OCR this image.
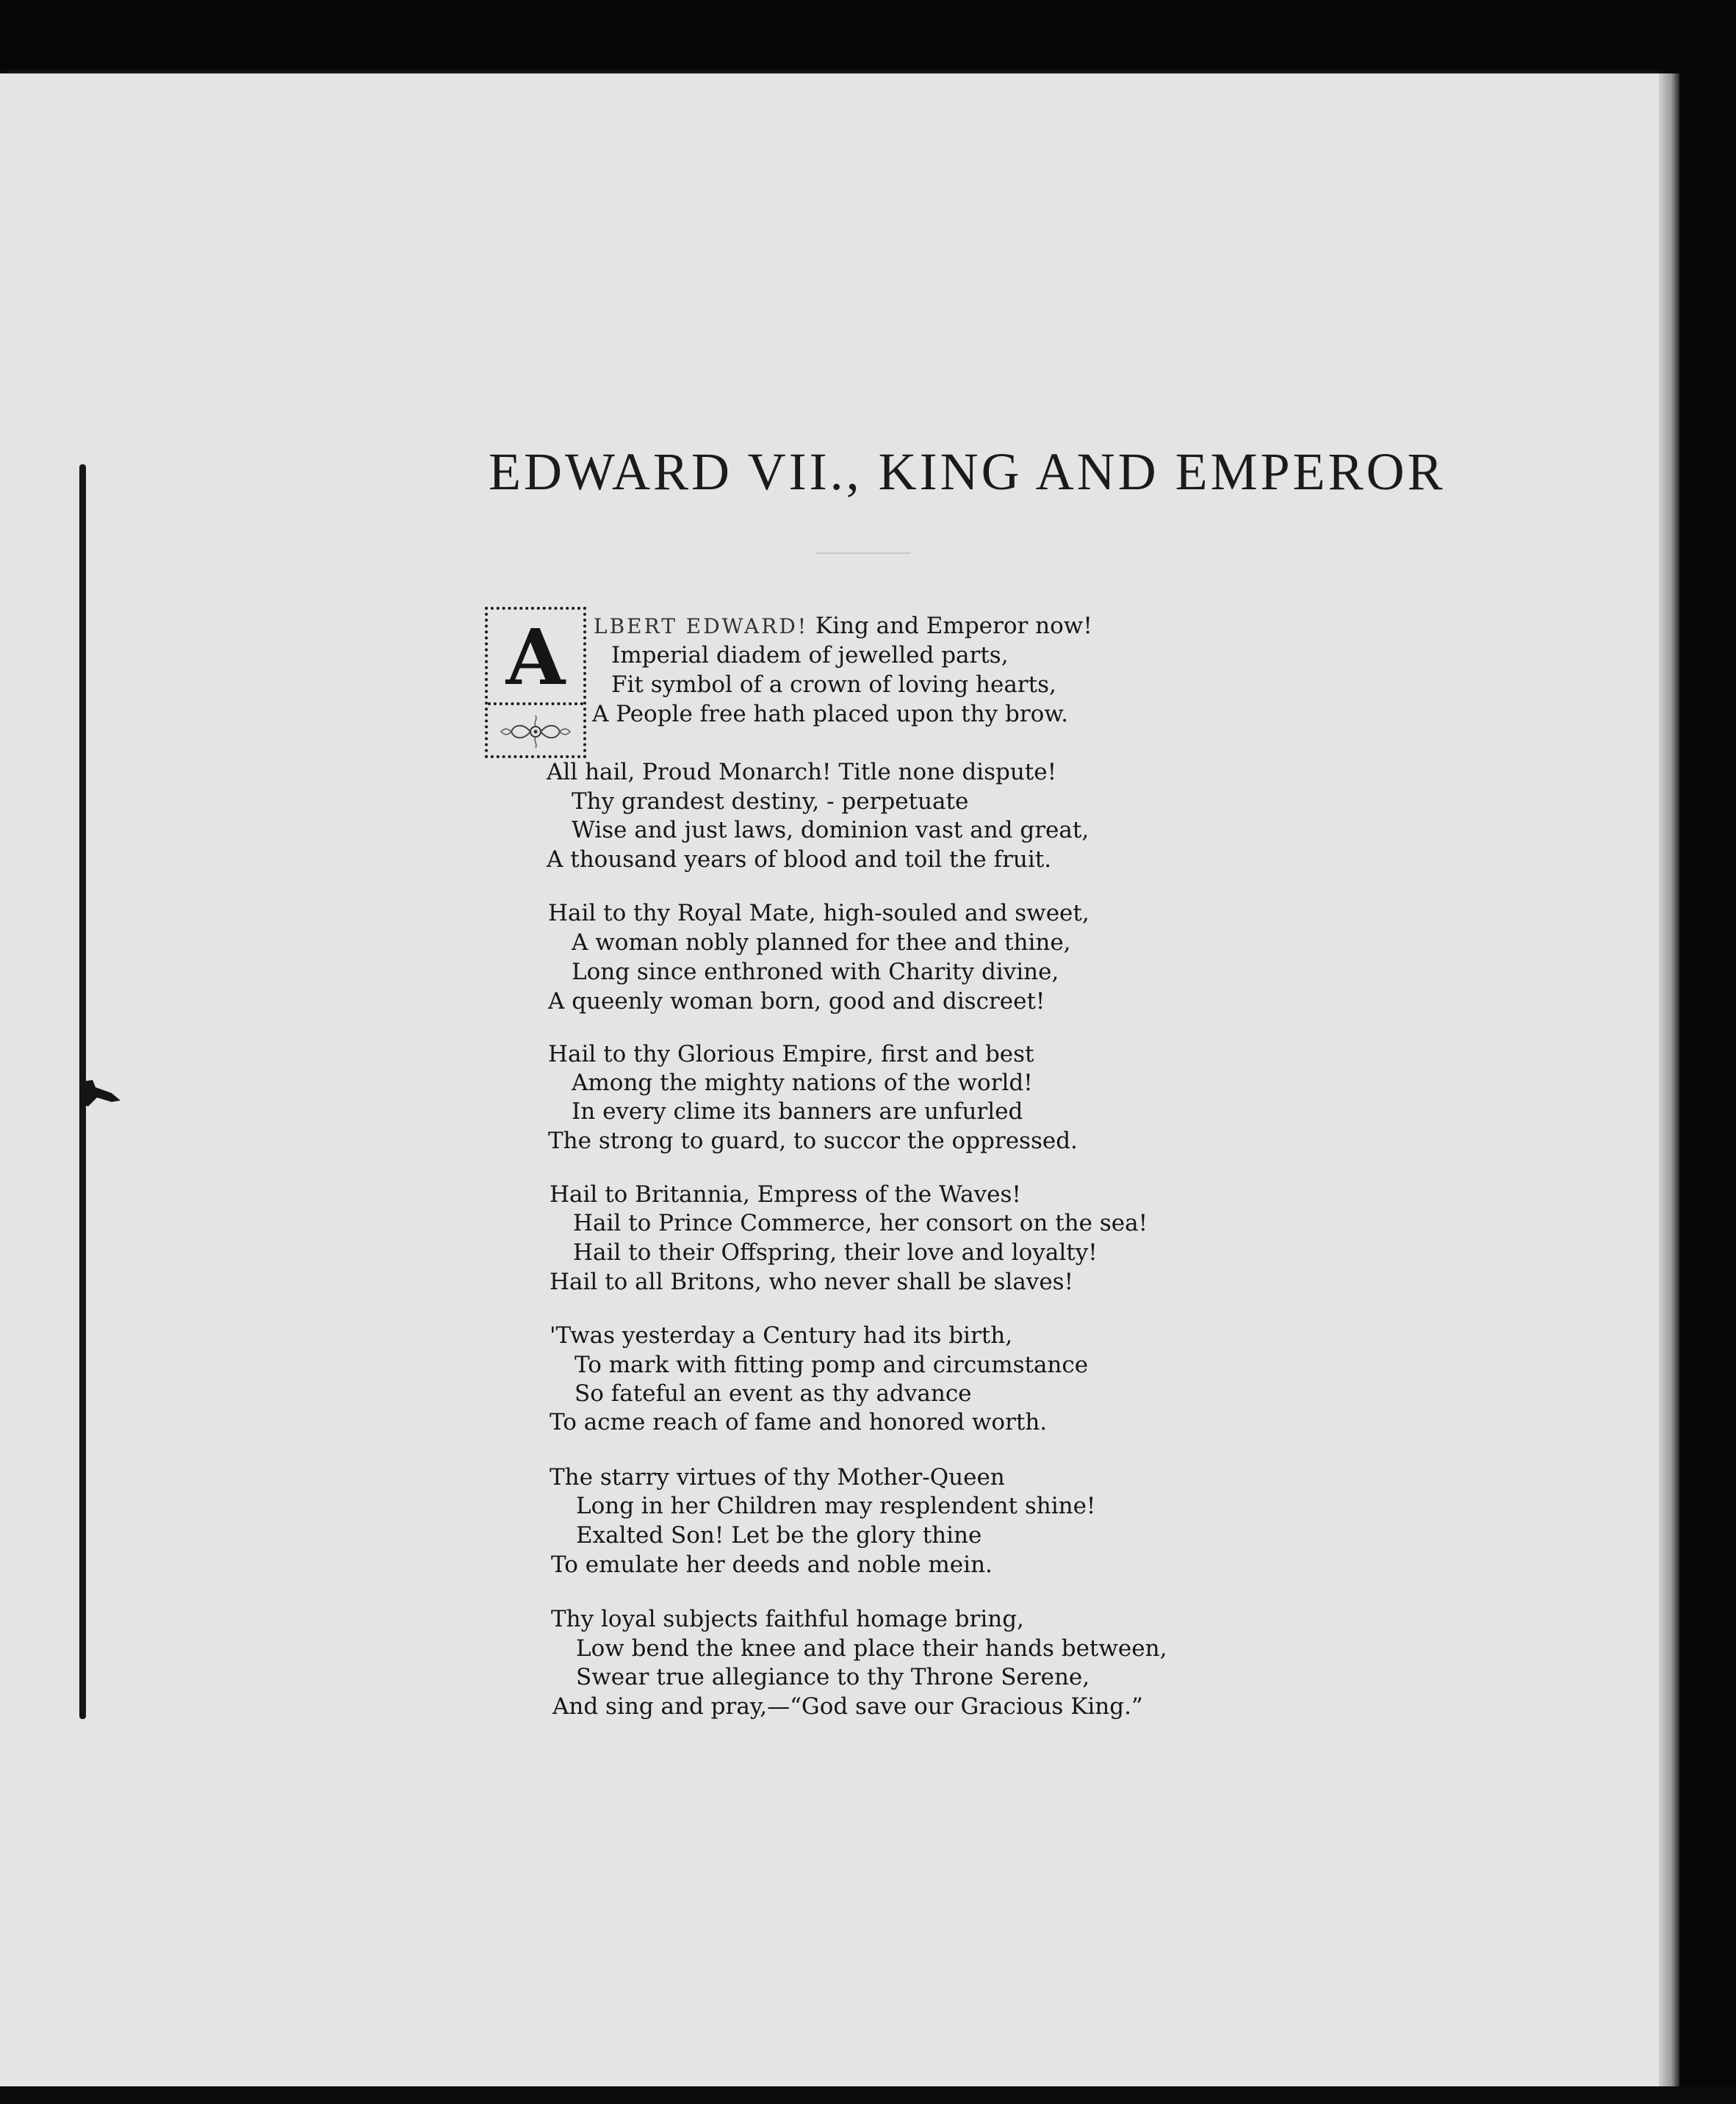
EDWARD VII., KING AND EMPEROR
A	LBERT EDWARD! King and Emperor now!
Imperial diadem of jewelled parts,
Fit symbol of a crown of loving hearts,
A People free hath placed upon thy brow.
All hail, Proud Monarch! Title none dispute!
Thy grandest destiny, - perpetuate
Wise and just laws, dominion vast and great,
A thousand years of blood and toil the fruit.
Hail to thy Royal Mate, high-souled and sweet,
A woman nobly planned for thee and thine,
Long since enthroned with Charity divine,
A queenly woman born, good and discreet!
Hail to thy Glorious Empire, first and best
Among the mighty nations of the world!
In every clime its banners are unfurled
The strong to guard, to succor the oppressed.
Hail to Britannia, Empress of the Waves!
Hail to Prince Commerce, her consort on the sea!
Hail to their Offspring, their love and loyalty!
Hail to all Britons, who never shall be slaves!
'Twas yesterday a Century had its birth,
To mark with fitting pomp and circumstance
So fateful an event as thy advance
To acme reach of fame and honored worth.
The starry virtues of thy Mother-Queen
Long in her Children may resplendent shine!
Exalted Son! Let be the glory thine
To emulate her deeds and noble mein.
Thy loyal subjects faithful homage bring,
Low bend the knee and place their hands between,
Swear true allegiance to thy Throne Serene,
And sing and pray,—“God save our Gracious King.”
